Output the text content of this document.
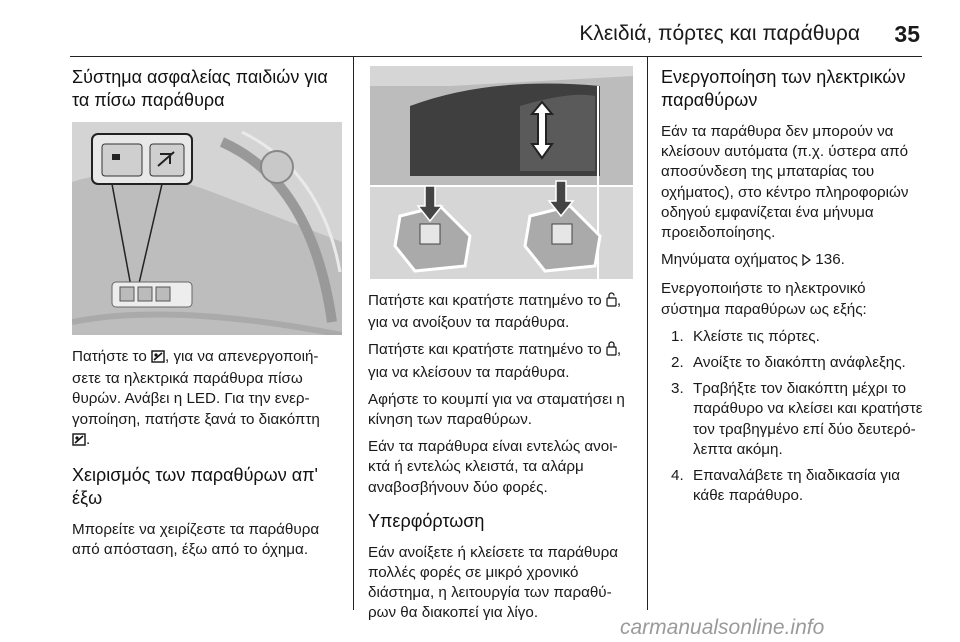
Κλειδιά, πόρτες και παράθυρα 35
Σύστημα ασφαλείας παιδιών για τα πίσω παράθυρα

Πατήστε το , για να απενεργοποιή‐ σετε τα ηλεκτρικά παράθυρα πίσω θυρών. Ανάβει η LED. Για την ενερ‐ γοποίηση, πατήστε ξανά το διακόπτη
.

Χειρισμός των παραθύρων απ' έξω

Μπορείτε να χειρίζεστε τα παράθυρα από απόσταση, έξω από το όχημα.

Πατήστε και κρατήστε πατημένο το , για να ανοίξουν τα παράθυρα.

Πατήστε και κρατήστε πατημένο το , για να κλείσουν τα παράθυρα.

Αφήστε το κουμπί για να σταματήσει η κίνηση των παραθύρων.

Εάν τα παράθυρα είναι εντελώς ανοι‐ κτά ή εντελώς κλειστά, τα αλάρμ αναβοσβήνουν δύο φορές.

Υπερφόρτωση

Εάν ανοίξετε ή κλείσετε τα παράθυρα πολλές φορές σε μικρό χρονικό διάστημα, η λειτουργία των παραθύ‐ ρων θα διακοπεί για λίγο.

Ενεργοποίηση των ηλεκτρικών παραθύρων

Εάν τα παράθυρα δεν μπορούν να κλείσουν αυτόματα (π.χ. ύστερα από αποσύνδεση της μπαταρίας του οχήματος), στο κέντρο πληροφοριών οδηγού εμφανίζεται ένα μήνυμα προειδοποίησης.

Μηνύματα οχήματος  136.

Ενεργοποιήστε το ηλεκτρονικό σύστημα παραθύρων ως εξής:

1. Κλείστε τις πόρτες.
2. Ανοίξτε το διακόπτη ανάφλεξης.
3. Τραβήξτε τον διακόπτη μέχρι το παράθυρο να κλείσει και κρατήστε τον τραβηγμένο επί δύο δευτερό‐ λεπτα ακόμη.
4. Επαναλάβετε τη διαδικασία για κάθε παράθυρο.
carmanualsonline.info
